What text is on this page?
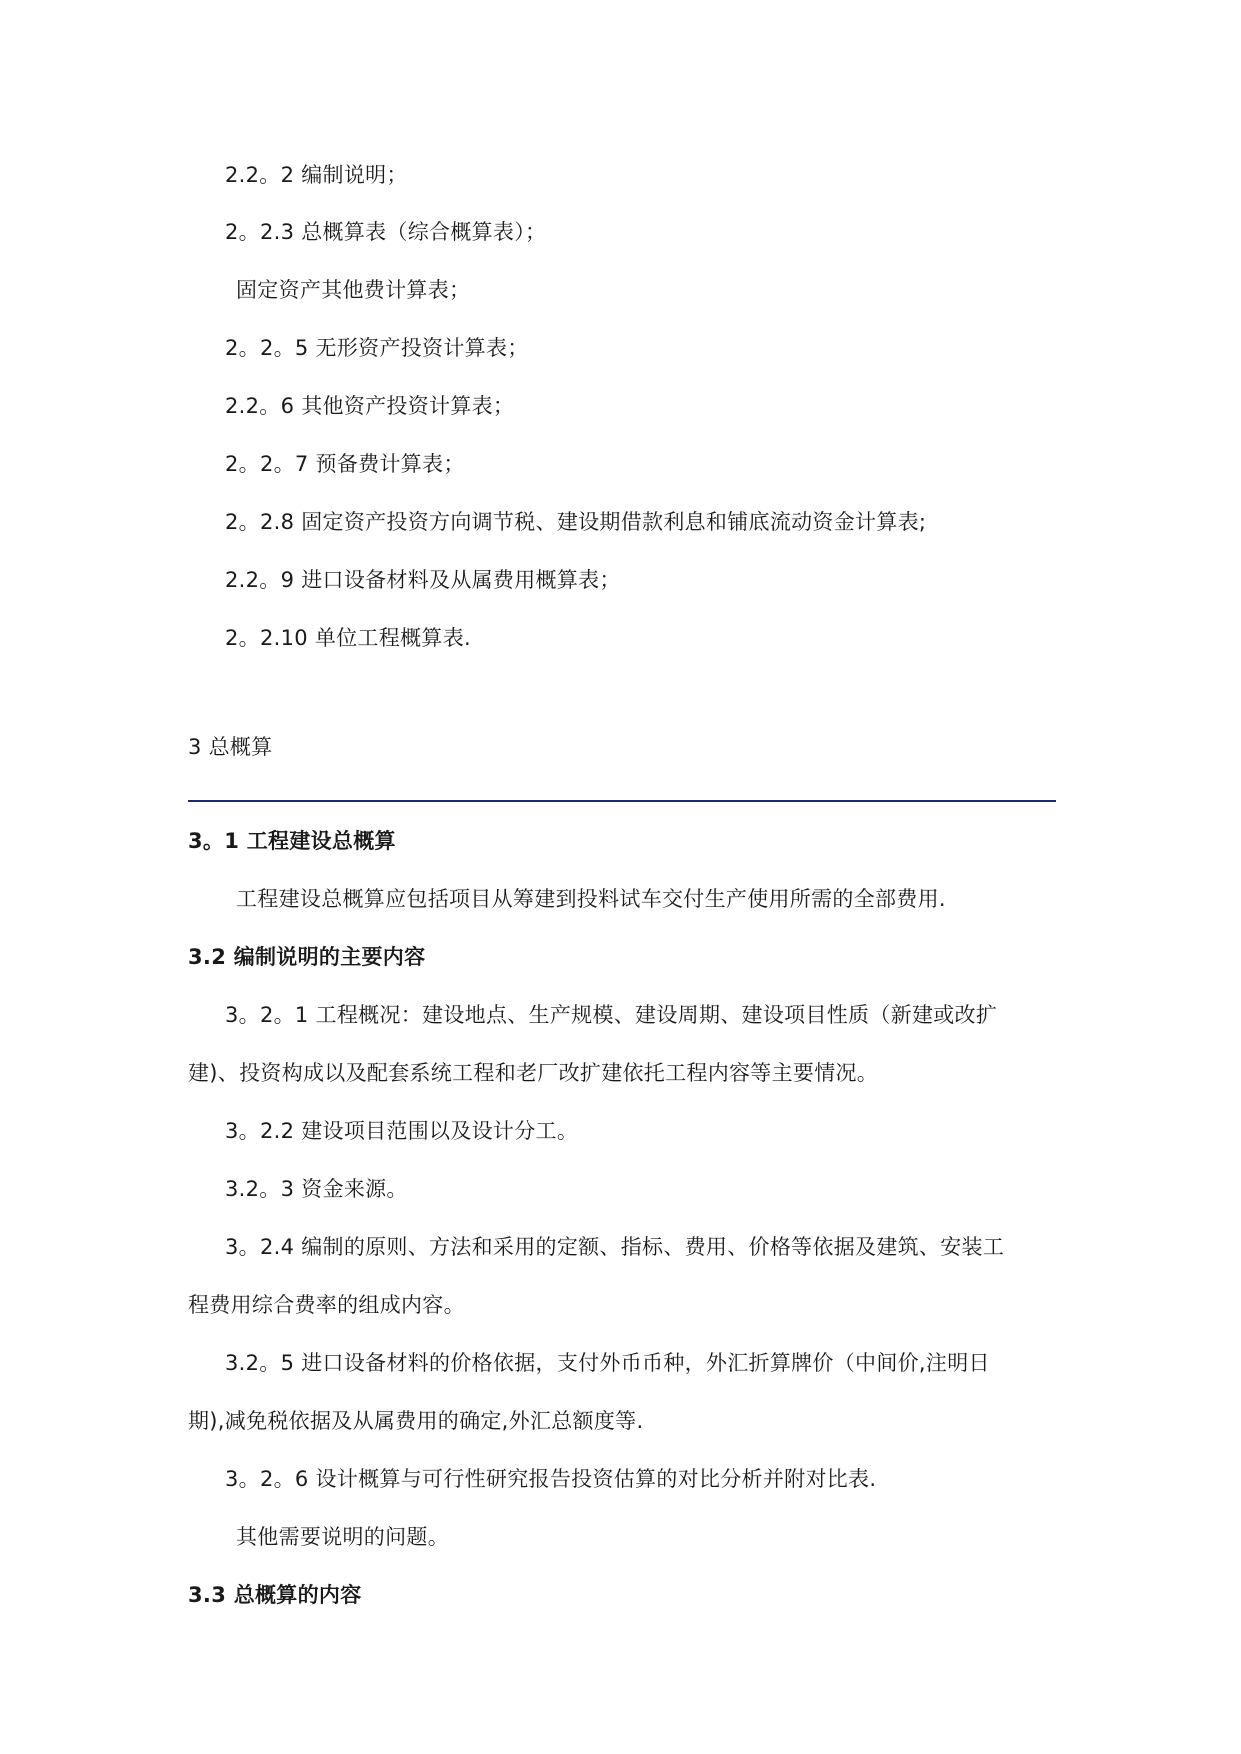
2.2。2 编制说明；
2。2.3 总概算表（综合概算表）；
固定资产其他费计算表；
2。2。5 无形资产投资计算表；
2.2。6 其他资产投资计算表；
2。2。7 预备费计算表；
2。2.8 固定资产投资方向调节税、建设期借款利息和铺底流动资金计算表;
2.2。9 进口设备材料及从属费用概算表；
2。2.10 单位工程概算表.
3 总概算
3。1 工程建设总概算
工程建设总概算应包括项目从筹建到投料试车交付生产使用所需的全部费用.
3.2 编制说明的主要内容
3。2。1 工程概况：建设地点、生产规模、建设周期、建设项目性质（新建或改扩
建)、投资构成以及配套系统工程和老厂改扩建依托工程内容等主要情况。
3。2.2 建设项目范围以及设计分工。
3.2。3 资金来源。
3。2.4 编制的原则、方法和采用的定额、指标、费用、价格等依据及建筑、安装工
程费用综合费率的组成内容。
3.2。5 进口设备材料的价格依据，支付外币币种，外汇折算牌价（中间价,注明日
期),减免税依据及从属费用的确定,外汇总额度等.
3。2。6 设计概算与可行性研究报告投资估算的对比分析并附对比表.
其他需要说明的问题。
3.3 总概算的内容
